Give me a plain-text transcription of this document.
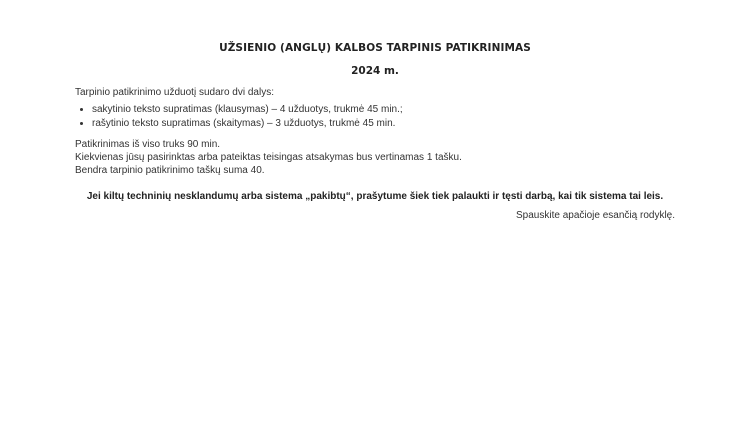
UŽSIENIO (ANGLŲ) KALBOS TARPINIS PATIKRINIMAS
2024 m.
Tarpinio patikrinimo užduotį sudaro dvi dalys:
• sakytinio teksto supratimas (klausymas) – 4 užduotys, trukmė 45 min.;
• rašytinio teksto supratimas (skaitymas) – 3 užduotys, trukmė 45 min.
Patikrinimas iš viso truks 90 min.
Kiekvienas jūsų pasirinktas arba pateiktas teisingas atsakymas bus vertinamas 1 tašku.
Bendra tarpinio patikrinimo taškų suma 40.
Jei kiltų techninių nesklandumų arba sistema „pakibtų“, prašytume šiek tiek palaukti ir tęsti darbą, kai tik sistema tai leis.
Spauskite apačioje esančią rodyklę.
